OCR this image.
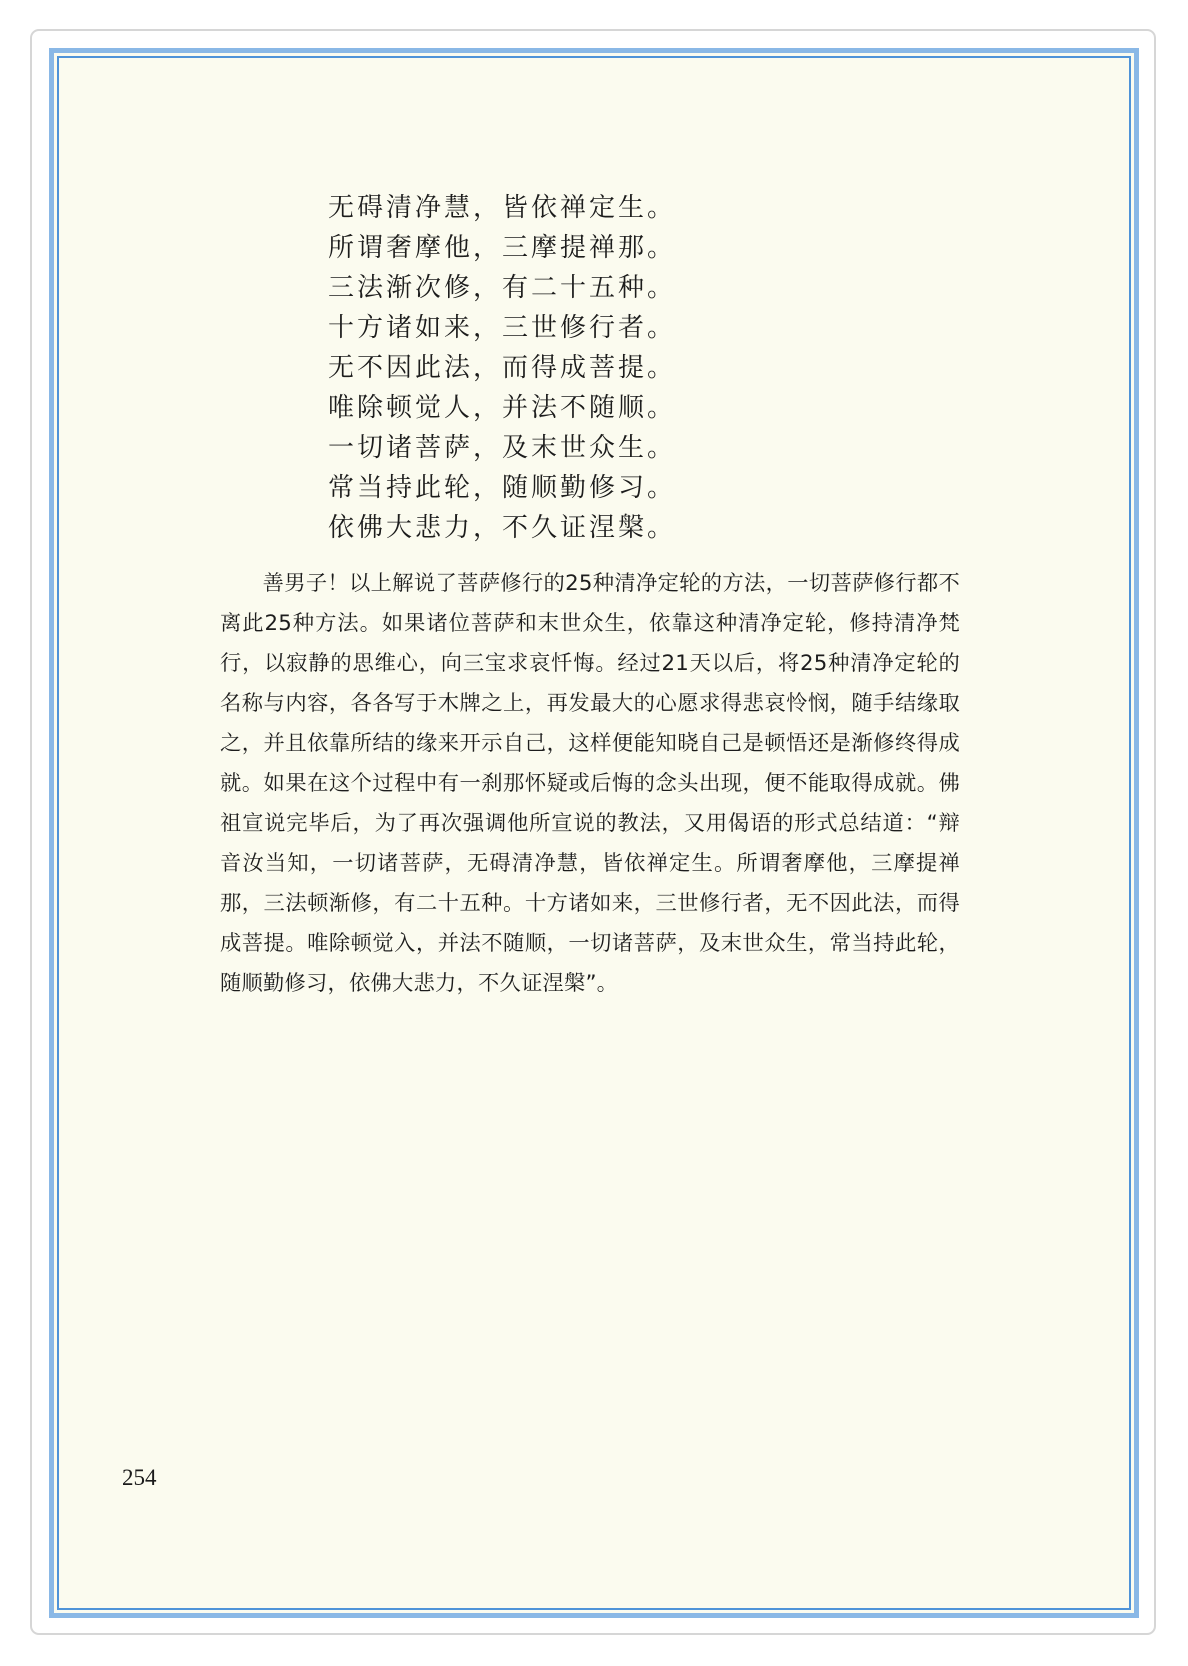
无碍清净慧，皆依禅定生。
所谓奢摩他，三摩提禅那。
三法渐次修，有二十五种。
十方诸如来，三世修行者。
无不因此法，而得成菩提。
唯除顿觉人，并法不随顺。
一切诸菩萨，及末世众生。
常当持此轮，随顺勤修习。
依佛大悲力，不久证涅槃。

善男子！以上解说了菩萨修行的25种清净定轮的方法，一切菩萨修行都不离此25种方法。如果诸位菩萨和末世众生，依靠这种清净定轮，修持清净梵行，以寂静的思维心，向三宝求哀忏悔。经过21天以后，将25种清净定轮的名称与内容，各各写于木牌之上，再发最大的心愿求得悲哀怜悯，随手结缘取之，并且依靠所结的缘来开示自己，这样便能知晓自己是顿悟还是渐修终得成就。如果在这个过程中有一刹那怀疑或后悔的念头出现，便不能取得成就。佛祖宣说完毕后，为了再次强调他所宣说的教法，又用偈语的形式总结道：“辩音汝当知，一切诸菩萨，无碍清净慧，皆依禅定生。所谓奢摩他，三摩提禅那，三法顿渐修，有二十五种。十方诸如来，三世修行者，无不因此法，而得成菩提。唯除顿觉入，并法不随顺，一切诸菩萨，及末世众生，常当持此轮，随顺勤修习，依佛大悲力，不久证涅槃”。

254
